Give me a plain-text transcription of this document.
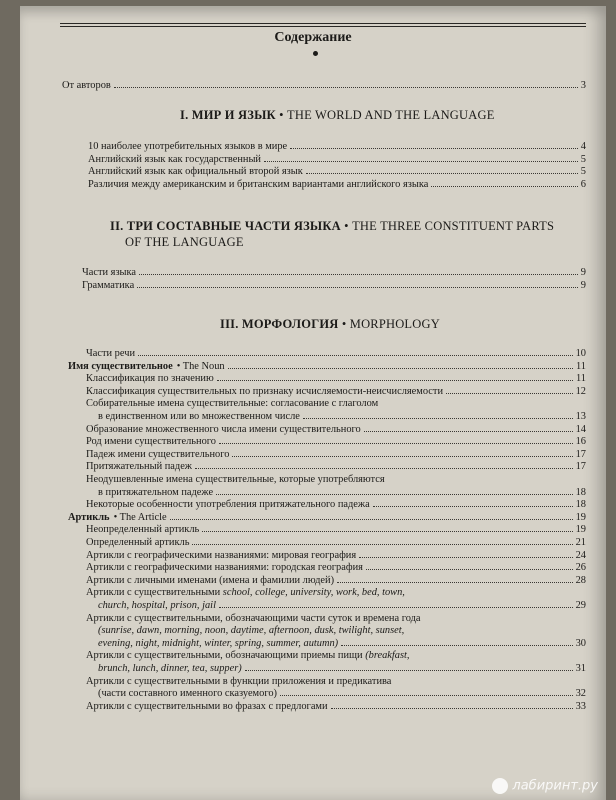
Содержание
От авторов	3
I. МИР И ЯЗЫК • THE WORLD AND THE LANGUAGE
II. ТРИ СОСТАВНЫЕ ЧАСТИ ЯЗЫКА • THE THREE CONSTITUENT PARTS
OF THE LANGUAGE
III. МОРФОЛОГИЯ • MORPHOLOGY
10 наиболее употребительных языков в мире	4
Английский язык как государственный	5
Английский язык как официальный второй язык	5
Различия между американским и британским вариантами английского языка	6
Части языка	9
Грамматика	9
Части речи	10
Имя существительное • The Noun	11
Классификация по значению	11
Классификация существительных по признаку исчисляемости-неисчисляемости	12
Собирательные имена существительные: согласование с глаголом
в единственном или во множественном числе	13
Образование множественного числа имени существительного	14
Род имени существительного	16
Падеж имени существительного	17
Притяжательный падеж	17
Неодушевленные имена существительные, которые употребляются
в притяжательном падеже	18
Некоторые особенности употребления притяжательного падежа	18
Артикль • The Article	19
Неопределенный артикль	19
Определенный артикль	21
Артикли с географическими названиями: мировая география	24
Артикли с географическими названиями: городская география	26
Артикли с личными именами (имена и фамилии людей)	28
Артикли с существительными school, college, university, work, bed, town,
church, hospital, prison, jail	29
Артикли с существительными, обозначающими части суток и времена года
(sunrise, dawn, morning, noon, daytime, afternoon, dusk, twilight, sunset,
evening, night, midnight, winter, spring, summer, autumn)	30
Артикли с существительными, обозначающими приемы пищи (breakfast,
brunch, lunch, dinner, tea, supper)	31
Артикли с существительными в функции приложения и предикатива
(части составного именного сказуемого)	32
Артикли с существительными во фразах с предлогами	33
лабиринт.ру
